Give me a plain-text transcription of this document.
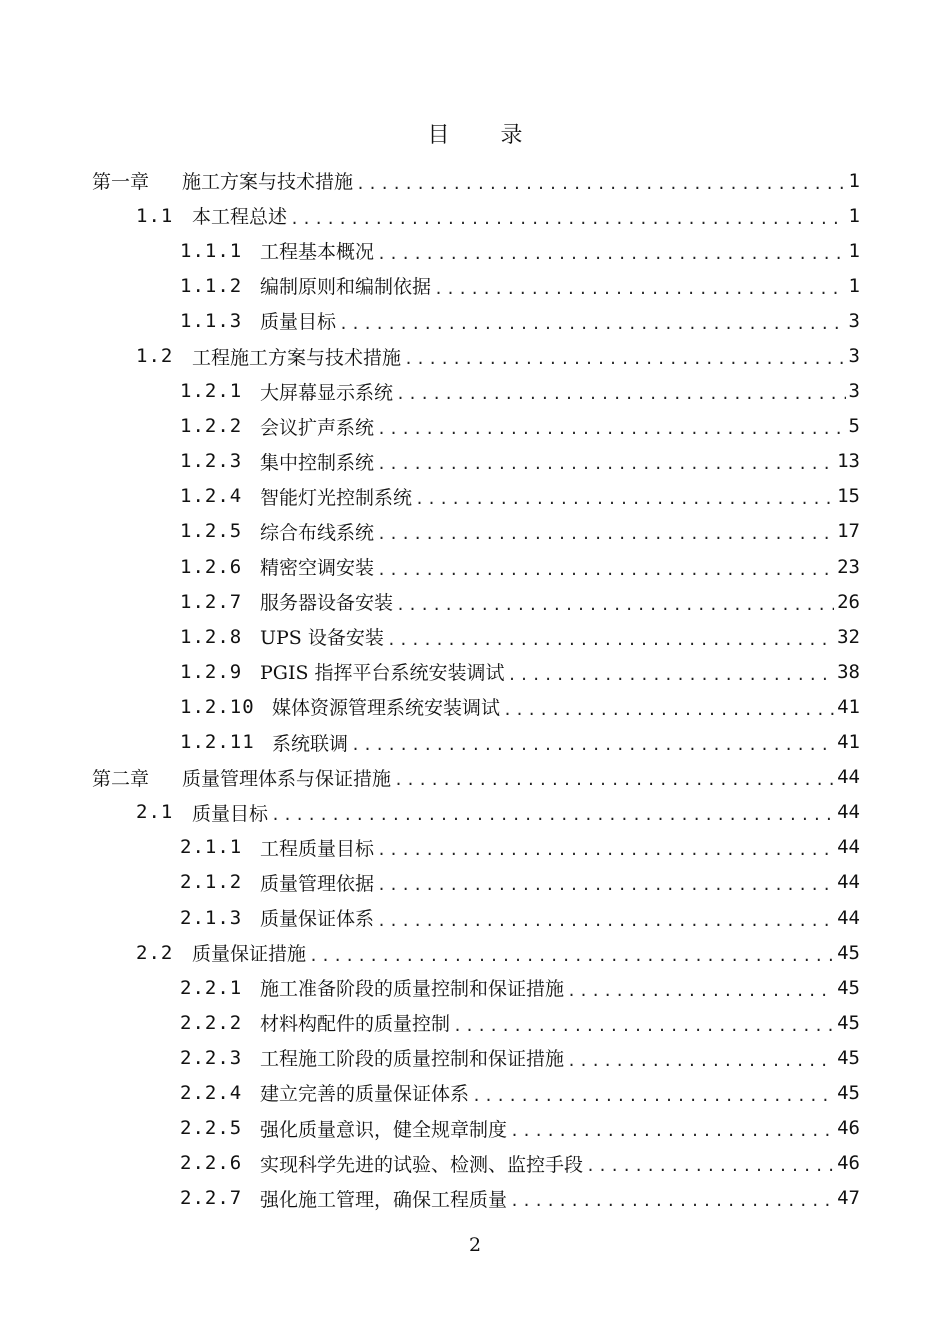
目 录
第一章	施工方案与技术措施 .....	1
1.1 本工程总述 .....	1
1.1.1 工程基本概况 .....	1
1.1.2 编制原则和编制依据 .....	1
1.1.3 质量目标 .....	3
1.2 工程施工方案与技术措施 .....	3
1.2.1 大屏幕显示系统 .....	3
1.2.2 会议扩声系统 .....	5
1.2.3 集中控制系统 .....	13
1.2.4 智能灯光控制系统 .....	15
1.2.5 综合布线系统 .....	17
1.2.6 精密空调安装 .....	23
1.2.7 服务器设备安装 .....	26
1.2.8 UPS 设备安装 .....	32
1.2.9 PGIS 指挥平台系统安装调试 .....	38
1.2.10 媒体资源管理系统安装调试 .....	41
1.2.11 系统联调 .....	41
第二章	质量管理体系与保证措施 .....	44
2.1 质量目标 .....	44
2.1.1 工程质量目标 .....	44
2.1.2 质量管理依据 .....	44
2.1.3 质量保证体系 .....	44
2.2 质量保证措施 .....	45
2.2.1 施工准备阶段的质量控制和保证措施 .....	45
2.2.2 材料构配件的质量控制 .....	45
2.2.3 工程施工阶段的质量控制和保证措施 .....	45
2.2.4 建立完善的质量保证体系 .....	45
2.2.5 强化质量意识，健全规章制度 .....	46
2.2.6 实现科学先进的试验、检测、监控手段 .....	46
2.2.7 强化施工管理，确保工程质量 .....	47
2
